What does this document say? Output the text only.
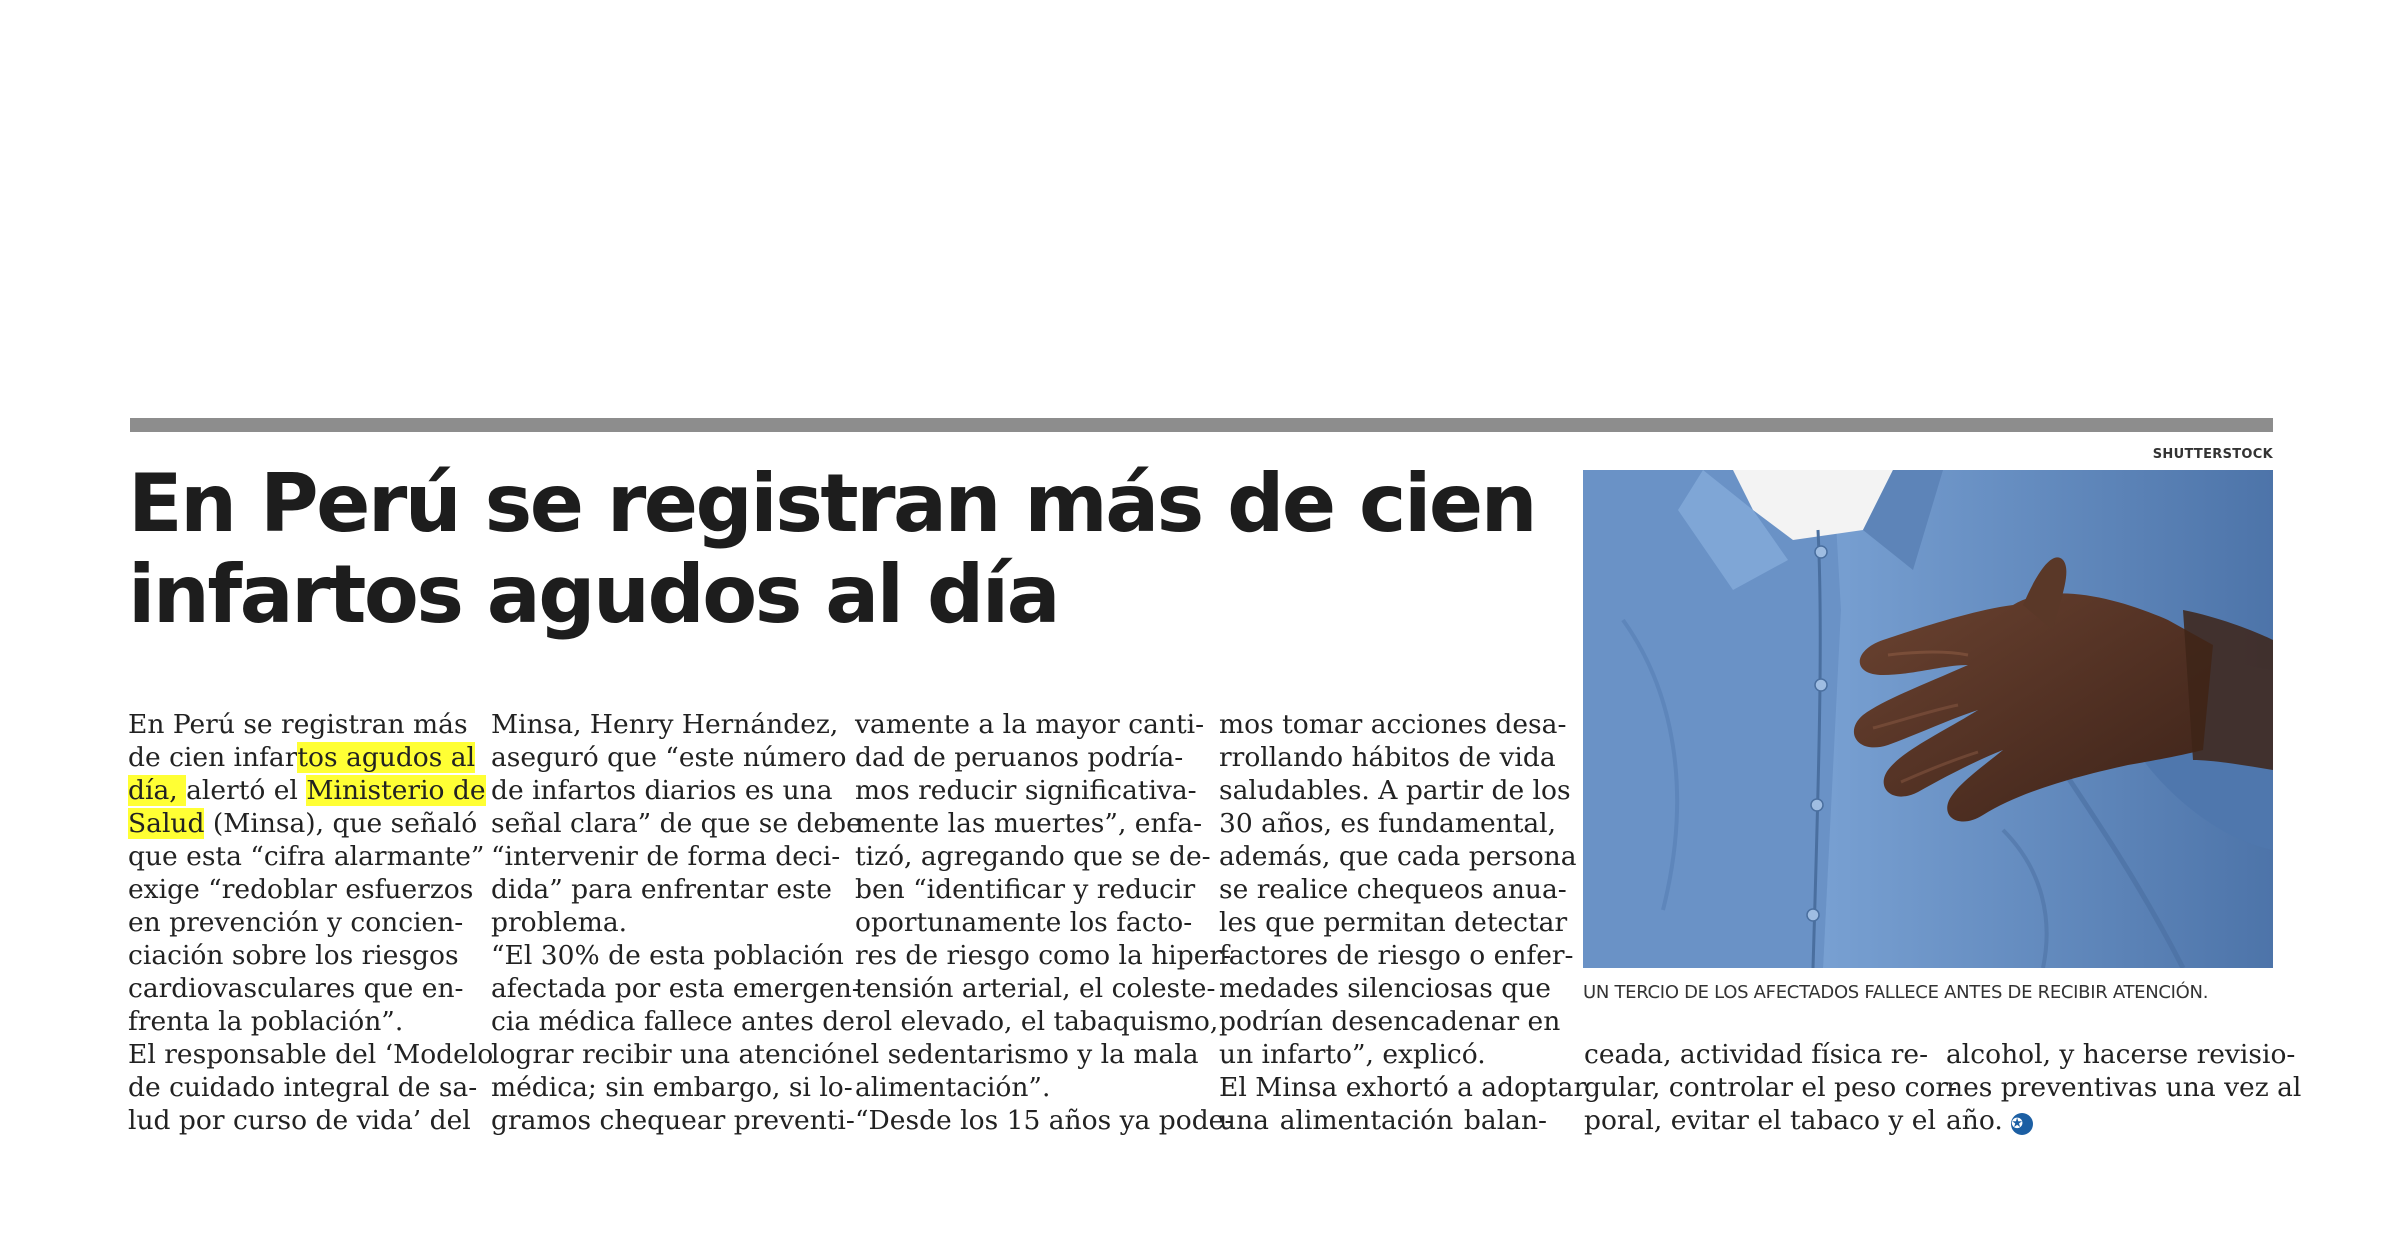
En Perú se registran más de cien
infartos agudos al día
En Perú se registran más
de cien infartos agudos al
día, alertó el Ministerio de
Salud (Minsa), que señaló
que esta “cifra alarmante”
exige “redoblar esfuerzos
en prevención y concien-
ciación sobre los riesgos
cardiovasculares que en-
frenta la población”.
El responsable del ‘Modelo
de cuidado integral de sa-
lud por curso de vida’ del
Minsa, Henry Hernández,
aseguró que “este número
de infartos diarios es una
señal clara” de que se debe
“intervenir de forma deci-
dida” para enfrentar este
problema.
“El 30% de esta población
afectada por esta emergen-
cia médica fallece antes de
lograr recibir una atención
médica; sin embargo, si lo-
gramos chequear preventi-
vamente a la mayor canti-
dad de peruanos podría-
mos reducir significativa-
mente las muertes”, enfa-
tizó, agregando que se de-
ben “identificar y reducir
oportunamente los facto-
res de riesgo como la hiper-
tensión arterial, el coleste-
rol elevado, el tabaquismo,
el sedentarismo y la mala
alimentación”.
“Desde los 15 años ya pode-
mos tomar acciones desa-
rrollando hábitos de vida
saludables. A partir de los
30 años, es fundamental,
además, que cada persona
se realice chequeos anua-
les que permitan detectar
factores de riesgo o enfer-
medades silenciosas que
podrían desencadenar en
un infarto”, explicó.
El Minsa exhortó a adoptar
una alimentación balan-
SHUTTERSTOCK
UN TERCIO DE LOS AFECTADOS FALLECE ANTES DE RECIBIR ATENCIÓN.
ceada, actividad física re-
gular, controlar el peso cor-
poral, evitar el tabaco y el
alcohol, y hacerse revisio-
nes preventivas una vez al
año. ✪
